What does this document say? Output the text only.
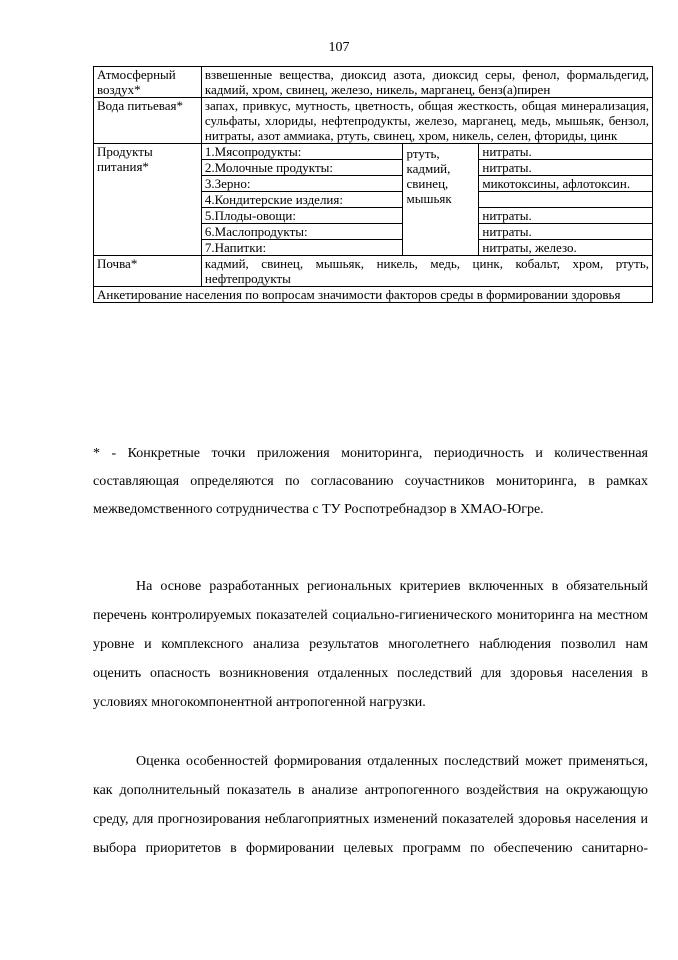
107
Атмосферный воздух*	взвешенные вещества, диоксид азота, диоксид серы, фенол, формальдегид, кадмий, хром, свинец, железо, никель, марганец, бенз(а)пирен		
Вода питьевая*	запах, привкус, мутность, цветность, общая жесткость, общая минерализация, сульфаты, хлориды, нефтепродукты, железо, марганец, медь, мышьяк, бензол, нитраты, азот аммиака, ртуть, свинец, хром, никель, селен, фториды, цинк		
Продукты питания*	1.Мясопродукты:	ртуть, кадмий, свинец, мышьяк	нитраты.
	2.Молочные продукты:		нитраты.
	3.Зерно:		микотоксины, афлотоксин.
	4.Кондитерские изделия:		
	5.Плоды-овощи:		нитраты.
	6.Маслопродукты:		нитраты.
	7.Напитки:		нитраты, железо.
Почва*	кадмий, свинец, мышьяк, никель, медь, цинк, кобальт, хром, ртуть, нефтепродукты		
Анкетирование населения по вопросам значимости факторов среды в формировании здоровья			
* - Конкретные точки приложения мониторинга, периодичность и количественная составляющая определяются по согласованию соучастников мониторинга, в рамках межведомственного сотрудничества с ТУ Роспотребнадзор в ХМАО-Югре.
На основе разработанных региональных критериев включенных в обязательный перечень контролируемых показателей социально-гигиенического мониторинга на местном уровне и комплексного анализа результатов многолетнего наблюдения позволил нам оценить опасность возникновения отдаленных последствий для здоровья населения в условиях многокомпонентной антропогенной нагрузки.
Оценка особенностей формирования отдаленных последствий может применяться, как дополнительный показатель в анализе антропогенного воздействия на окружающую среду, для прогнозирования неблагоприятных изменений показателей здоровья населения и выбора приоритетов в формировании целевых программ по обеспечению санитарно-
